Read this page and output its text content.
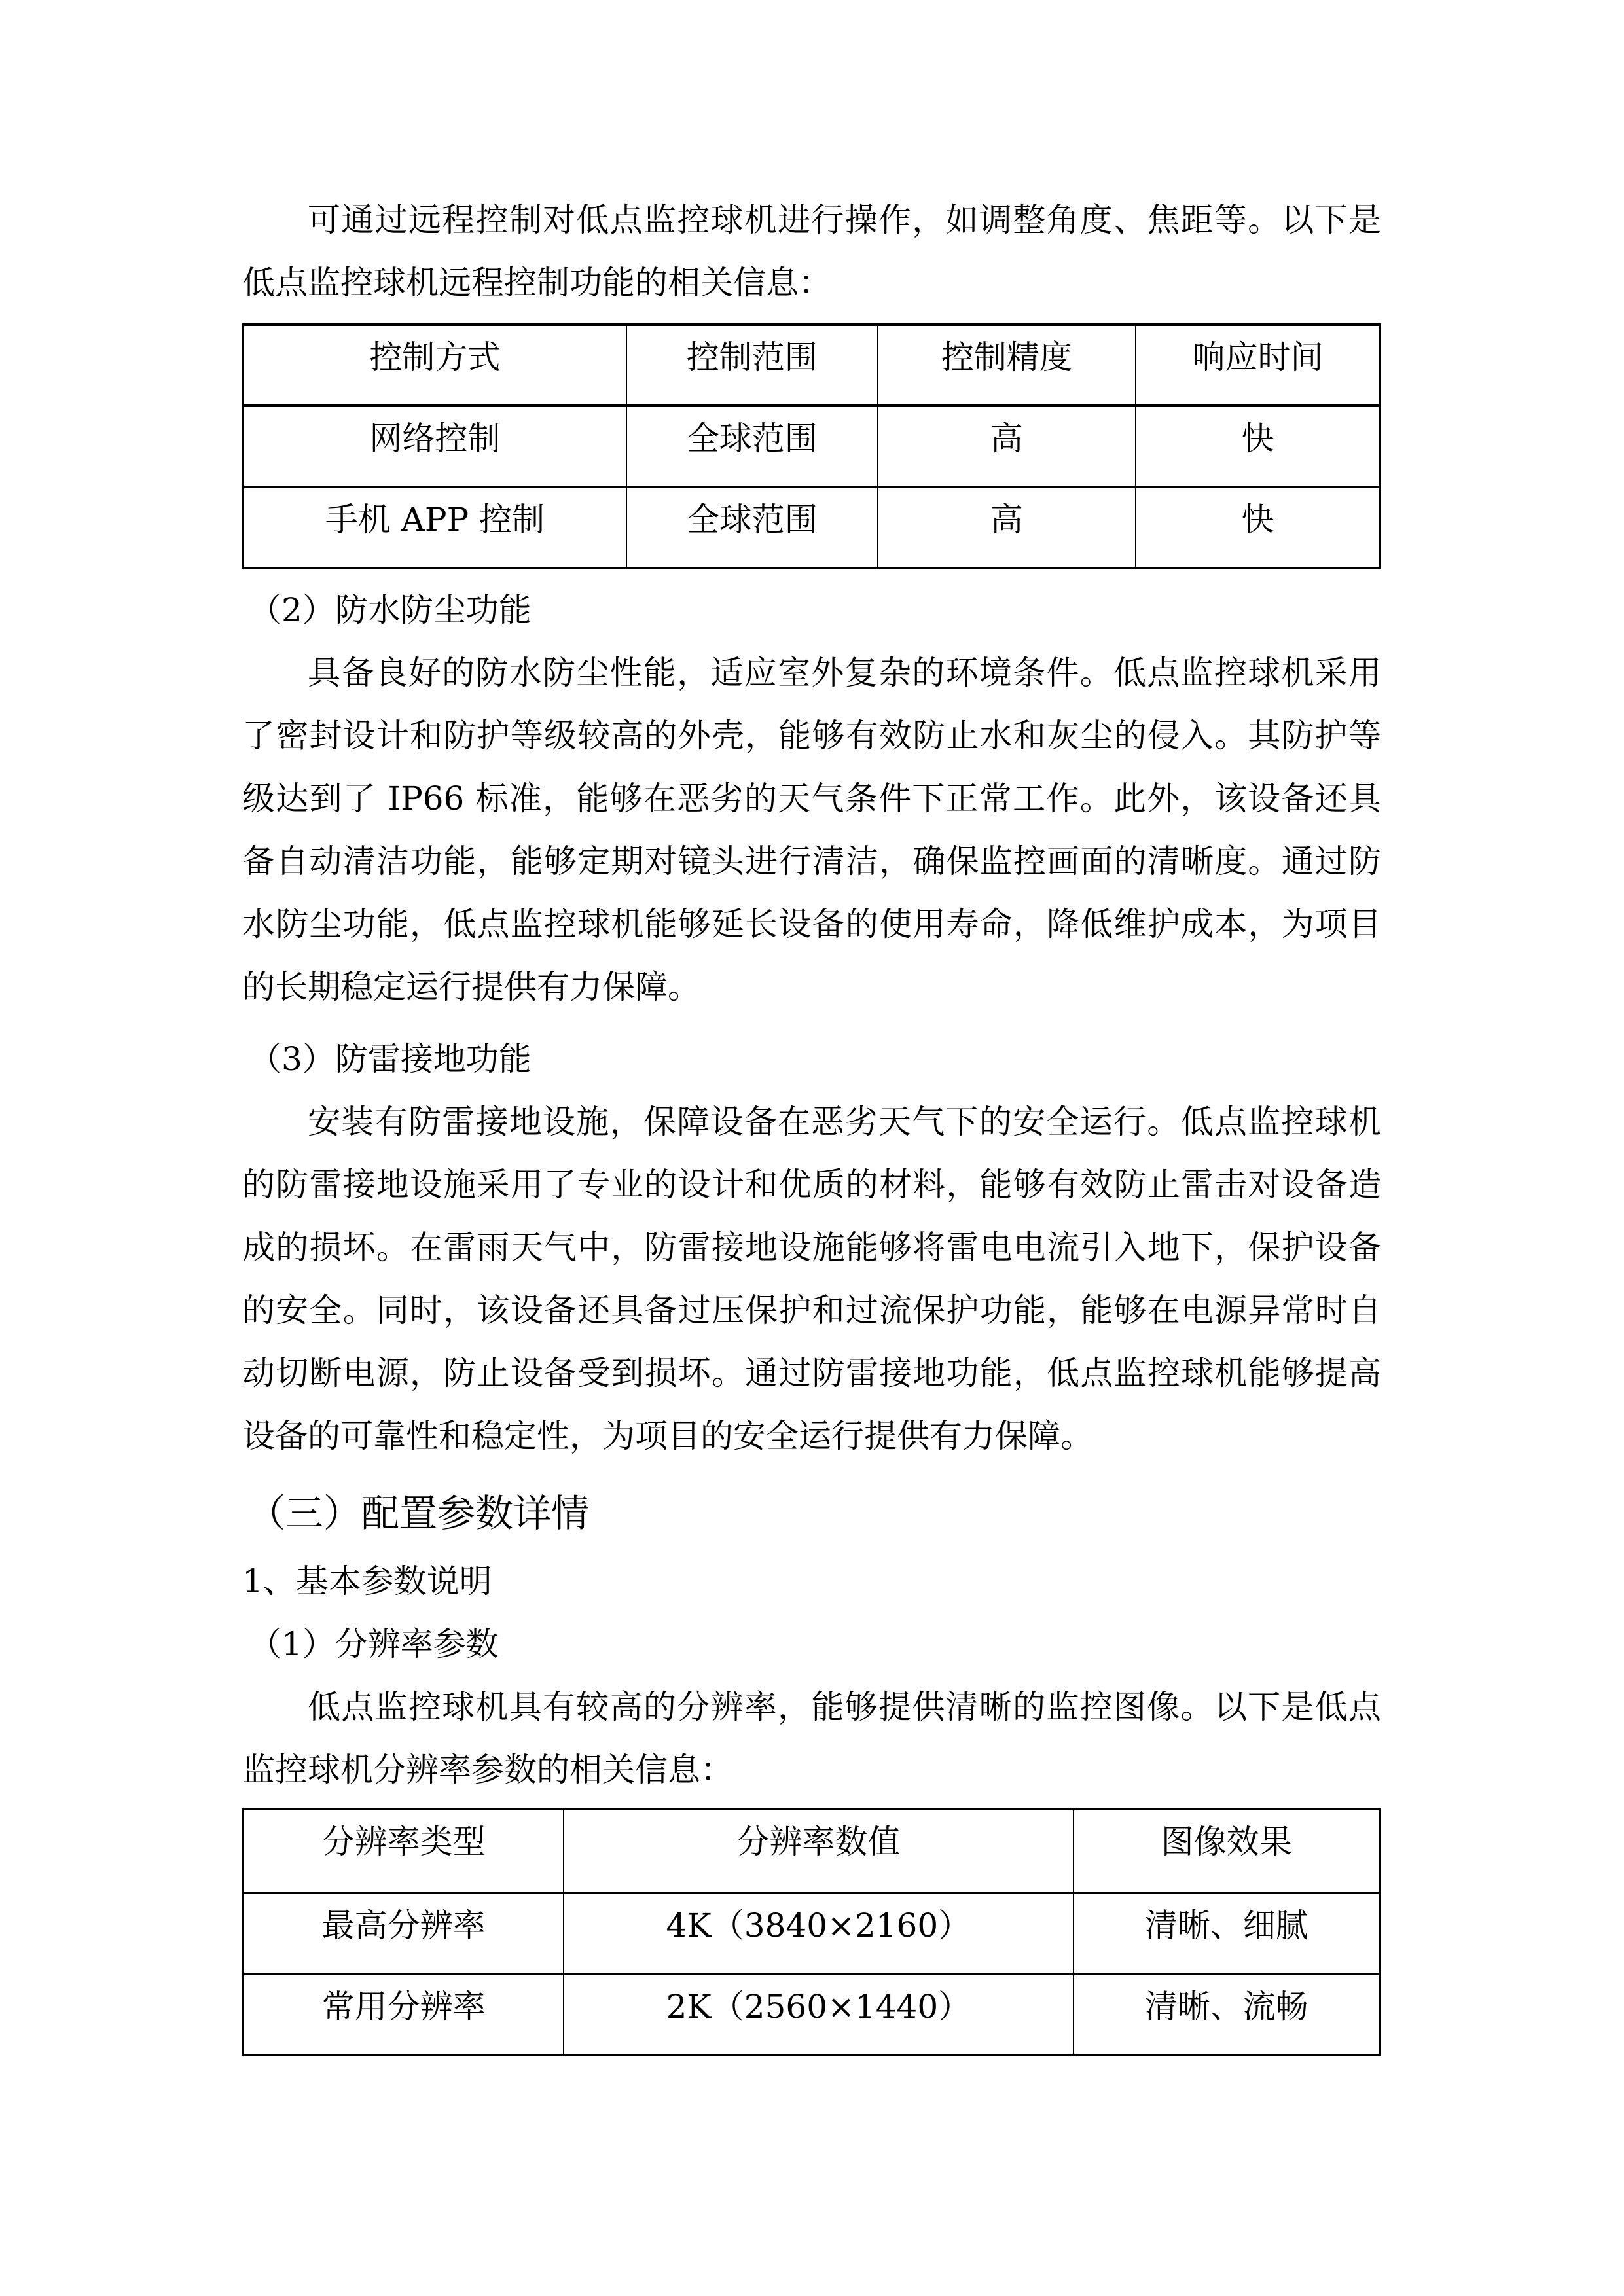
可通过远程控制对低点监控球机进行操作，如调整角度、焦距等。以下是低点监控球机远程控制功能的相关信息：

控制方式	控制范围	控制精度	响应时间
网络控制	全球范围	高	快
手机 APP 控制	全球范围	高	快

（2）防水防尘功能

具备良好的防水防尘性能，适应室外复杂的环境条件。低点监控球机采用了密封设计和防护等级较高的外壳，能够有效防止水和灰尘的侵入。其防护等级达到了 IP66 标准，能够在恶劣的天气条件下正常工作。此外，该设备还具备自动清洁功能，能够定期对镜头进行清洁，确保监控画面的清晰度。通过防水防尘功能，低点监控球机能够延长设备的使用寿命，降低维护成本，为项目的长期稳定运行提供有力保障。

（3）防雷接地功能

安装有防雷接地设施，保障设备在恶劣天气下的安全运行。低点监控球机的防雷接地设施采用了专业的设计和优质的材料，能够有效防止雷击对设备造成的损坏。在雷雨天气中，防雷接地设施能够将雷电电流引入地下，保护设备的安全。同时，该设备还具备过压保护和过流保护功能，能够在电源异常时自动切断电源，防止设备受到损坏。通过防雷接地功能，低点监控球机能够提高设备的可靠性和稳定性，为项目的安全运行提供有力保障。

（三）配置参数详情

1、基本参数说明

（1）分辨率参数

低点监控球机具有较高的分辨率，能够提供清晰的监控图像。以下是低点监控球机分辨率参数的相关信息：

分辨率类型	分辨率数值	图像效果
最高分辨率	4K（3840×2160）	清晰、细腻
常用分辨率	2K（2560×1440）	清晰、流畅
